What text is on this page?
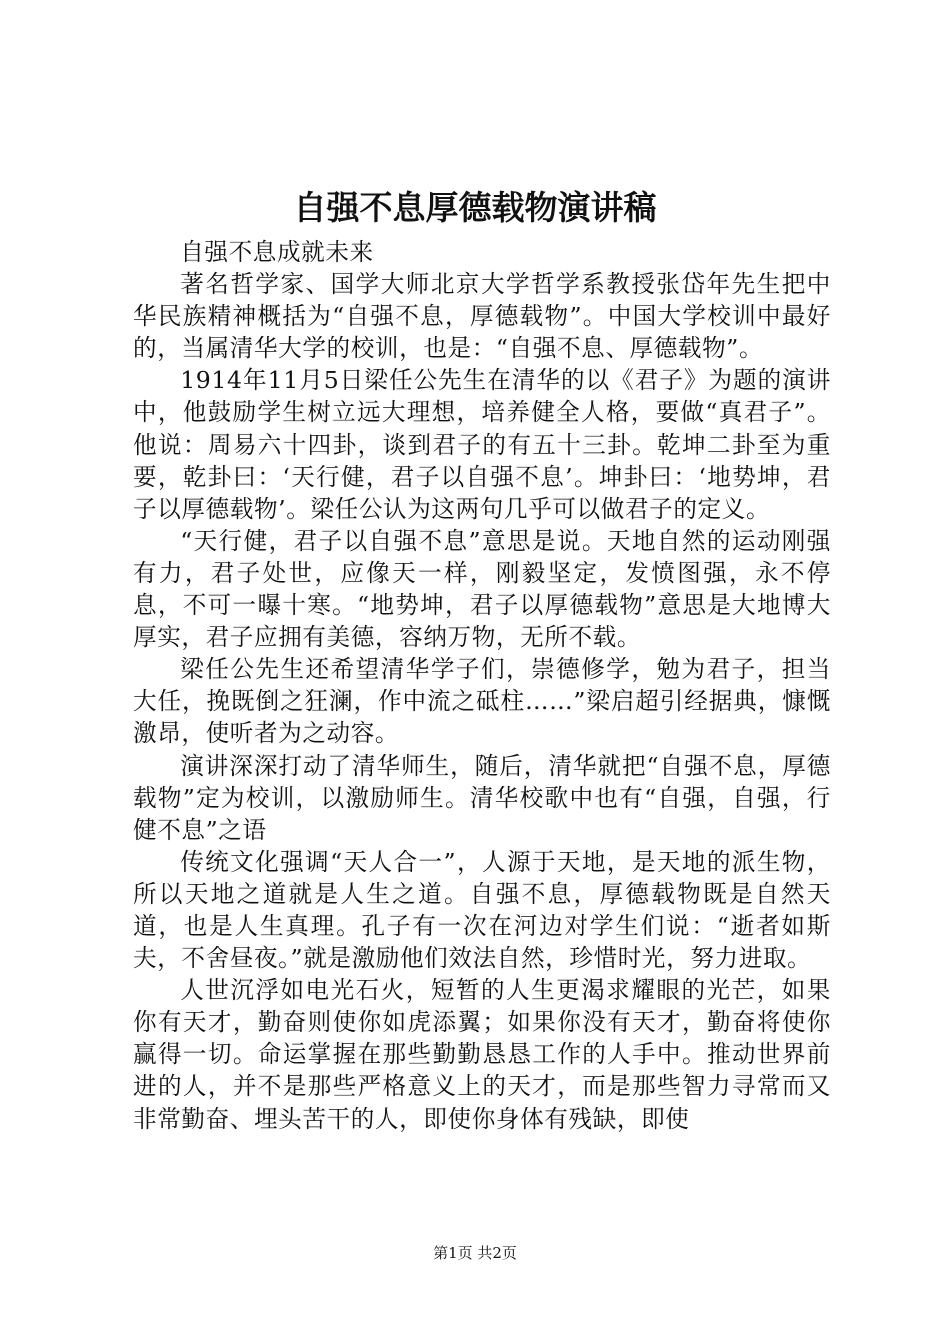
自强不息厚德载物演讲稿

自强不息成就未来

著名哲学家、国学大师北京大学哲学系教授张岱年先生把中华民族精神概括为“自强不息，厚德载物”。中国大学校训中最好的，当属清华大学的校训，也是：“自强不息、厚德载物”。

1914年11月5日梁任公先生在清华的以《君子》为题的演讲中，他鼓励学生树立远大理想，培养健全人格，要做“真君子”。他说：周易六十四卦，谈到君子的有五十三卦。乾坤二卦至为重要，乾卦曰：‘天行健，君子以自强不息’。坤卦曰：‘地势坤，君子以厚德载物’。梁任公认为这两句几乎可以做君子的定义。

“天行健，君子以自强不息”意思是说。天地自然的运动刚强有力，君子处世，应像天一样，刚毅坚定，发愤图强，永不停息，不可一曝十寒。“地势坤，君子以厚德载物”意思是大地博大厚实，君子应拥有美德，容纳万物，无所不载。

梁任公先生还希望清华学子们，崇德修学，勉为君子，担当大任，挽既倒之狂澜，作中流之砥柱……”梁启超引经据典，慷慨激昂，使听者为之动容。

演讲深深打动了清华师生，随后，清华就把“自强不息，厚德载物”定为校训，以激励师生。清华校歌中也有“自强，自强，行健不息”之语

传统文化强调“天人合一”，人源于天地，是天地的派生物，所以天地之道就是人生之道。自强不息，厚德载物既是自然天道，也是人生真理。孔子有一次在河边对学生们说：“逝者如斯夫，不舍昼夜。”就是激励他们效法自然，珍惜时光，努力进取。

人世沉浮如电光石火，短暂的人生更渴求耀眼的光芒，如果你有天才，勤奋则使你如虎添翼；如果你没有天才，勤奋将使你赢得一切。命运掌握在那些勤勤恳恳工作的人手中。推动世界前进的人，并不是那些严格意义上的天才，而是那些智力寻常而又非常勤奋、埋头苦干的人，即使你身体有残缺，即使

第1页 共2页
